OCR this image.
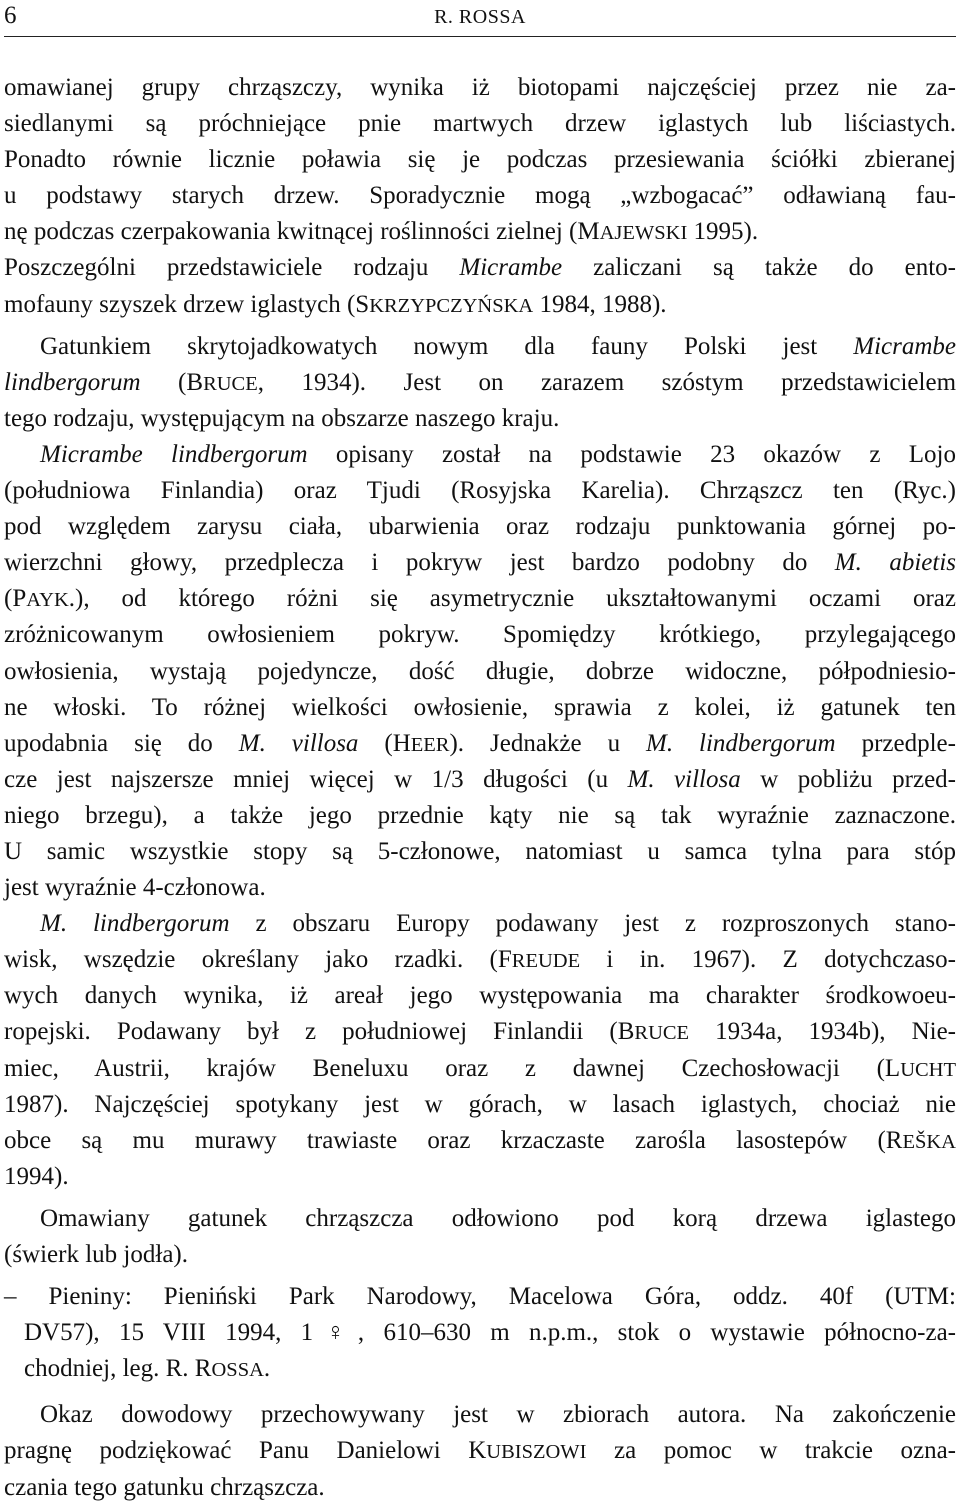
6	R. ROSSA
omawianej grupy chrząszczy, wynika iż biotopami najczęściej przez nie za-
siedlanymi są próchniejące pnie martwych drzew iglastych lub liściastych.
Ponadto równie licznie poławia się je podczas przesiewania ściółki zbieranej
u podstawy starych drzew. Sporadycznie mogą „wzbogacać” odławianą fau-
nę podczas czerpakowania kwitnącej roślinności zielnej (MAJEWSKI 1995).
Poszczególni przedstawiciele rodzaju Micrambe zaliczani są także do ento-
mofauny szyszek drzew iglastych (SKRZYPCZYŃSKA 1984, 1988).
Gatunkiem skrytojadkowatych nowym dla fauny Polski jest Micrambe
lindbergorum (BRUCE, 1934). Jest on zarazem szóstym przedstawicielem
tego rodzaju, występującym na obszarze naszego kraju.
Micrambe lindbergorum opisany został na podstawie 23 okazów z Lojo
(południowa Finlandia) oraz Tjudi (Rosyjska Karelia). Chrząszcz ten (Ryc.)
pod względem zarysu ciała, ubarwienia oraz rodzaju punktowania górnej po-
wierzchni głowy, przedplecza i pokryw jest bardzo podobny do M. abietis
(PAYK.), od którego różni się asymetrycznie ukształtowanymi oczami oraz
zróżnicowanym owłosieniem pokryw. Spomiędzy krótkiego, przylegającego
owłosienia, wystają pojedyncze, dość długie, dobrze widoczne, półpodniesio-
ne włoski. To różnej wielkości owłosienie, sprawia z kolei, iż gatunek ten
upodabnia się do M. villosa (HEER). Jednakże u M. lindbergorum przedple-
cze jest najszersze mniej więcej w 1/3 długości (u M. villosa w pobliżu przed-
niego brzegu), a także jego przednie kąty nie są tak wyraźnie zaznaczone.
U samic wszystkie stopy są 5-członowe, natomiast u samca tylna para stóp
jest wyraźnie 4-członowa.
M. lindbergorum z obszaru Europy podawany jest z rozproszonych stano-
wisk, wszędzie określany jako rzadki. (FREUDE i in. 1967). Z dotychczaso-
wych danych wynika, iż areał jego występowania ma charakter środkowoeu-
ropejski. Podawany był z południowej Finlandii (BRUCE 1934a, 1934b), Nie-
miec, Austrii, krajów Beneluxu oraz z dawnej Czechosłowacji (LUCHT
1987). Najczęściej spotykany jest w górach, w lasach iglastych, chociaż nie
obce są mu murawy trawiaste oraz krzaczaste zarośla lasostepów (REŠKA
1994).
Omawiany gatunek chrząszcza odłowiono pod korą drzewa iglastego
(świerk lub jodła).
– Pieniny: Pieniński Park Narodowy, Macelowa Góra, oddz. 40f (UTM:
DV57), 15 VIII 1994, 1♀, 610–630 m n.p.m., stok o wystawie północno-za-
chodniej, leg. R. ROSSA.
Okaz dowodowy przechowywany jest w zbiorach autora. Na zakończenie
pragnę podziękować Panu Danielowi KUBISZOWI za pomoc w trakcie ozna-
czania tego gatunku chrząszcza.
